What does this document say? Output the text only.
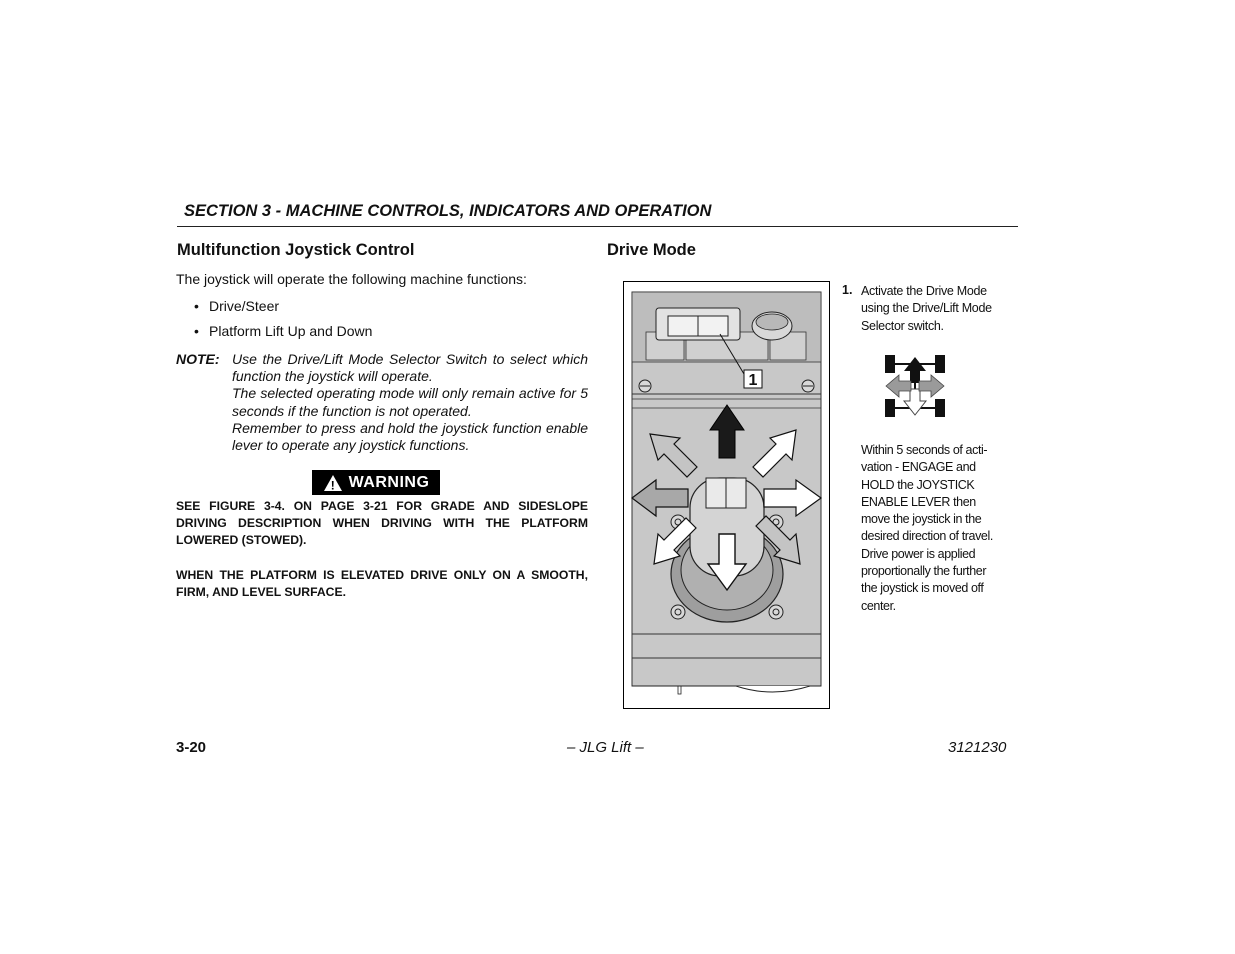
SECTION 3 - MACHINE CONTROLS, INDICATORS AND OPERATION
Multifunction Joystick Control
The joystick will operate the following machine functions:
• Drive/Steer
• Platform Lift Up and Down
NOTE: Use the Drive/Lift Mode Selector Switch to select which function the joystick will operate.

The selected operating mode will only remain active for 5 seconds if the function is not operated.

Remember to press and hold the joystick function enable lever to operate any joystick functions.

! WARNING
SEE FIGURE 3-4. ON PAGE 3-21 FOR GRADE AND SIDESLOPE DRIVING DESCRIPTION WHEN DRIVING WITH THE PLATFORM LOWERED (STOWED).
WHEN THE PLATFORM IS ELEVATED DRIVE ONLY ON A SMOOTH, FIRM, AND LEVEL SURFACE.
Drive Mode
1
1. Activate the Drive Mode using the Drive/Lift Mode Selector switch.
Within 5 seconds of acti-vation - ENGAGE and HOLD the JOYSTICK ENABLE LEVER then move the joystick in the desired direction of travel. Drive power is applied proportionally the further the joystick is moved off center.
3-20	– JLG Lift –	3121230
